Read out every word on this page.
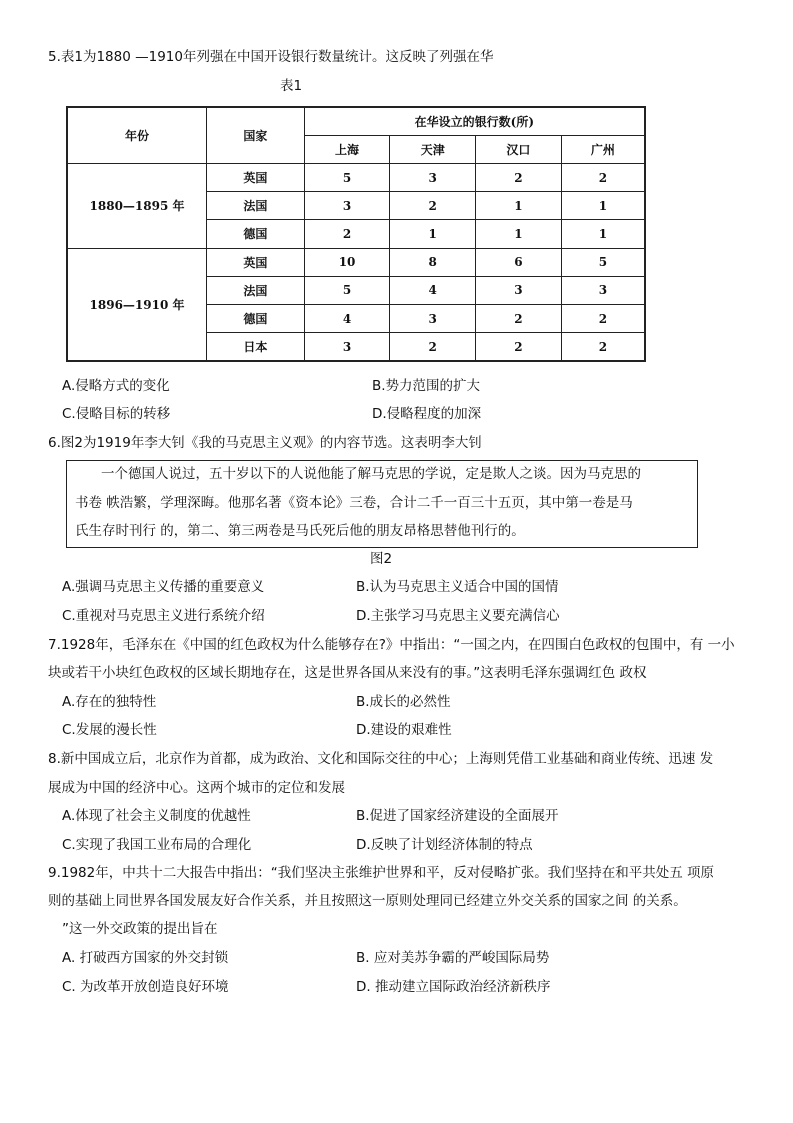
5.表1为1880 —1910年列强在中国开设银行数量统计。这反映了列强在华
表1
年份	国家	在华设立的银行数(所)			
		上海	天津	汉口	广州
1880—1895 年	英国	5	3	2	2
	法国	3	2	1	1
	德国	2	1	1	1
1896—1910 年	英国	10	8	6	5
	法国	5	4	3	3
	德国	4	3	2	2
	日本	3	2	2	2
A.侵略方式的变化	B.势力范围的扩大
C.侵略目标的转移	D.侵略程度的加深
6.图2为1919年李大钊《我的马克思主义观》的内容节选。这表明李大钊

一个德国人说过，五十岁以下的人说他能了解马克思的学说，定是欺人之谈。因为马克思的

书卷 帙浩繁，学理深晦。他那名著《资本论》三卷，合计二千一百三十五页，其中第一卷是马

氏生存时刊行 的，第二、第三两卷是马氏死后他的朋友昂格思替他刊行的。

图2
A.强调马克思主义传播的重要意义	B.认为马克思主义适合中国的国情
C.重视对马克思主义进行系统介绍	D.主张学习马克思主义要充满信心
7.1928年，毛泽东在《中国的红色政权为什么能够存在?》中指出：“一国之内，在四围白色政权的包围中，有 一小
块或若干小块红色政权的区域长期地存在，这是世界各国从来没有的事。”这表明毛泽东强调红色 政权
A.存在的独特性	B.成长的必然性
C.发展的漫长性	D.建设的艰难性
8.新中国成立后，北京作为首都，成为政治、文化和国际交往的中心；上海则凭借工业基础和商业传统、迅速 发
展成为中国的经济中心。这两个城市的定位和发展
A.体现了社会主义制度的优越性	B.促进了国家经济建设的全面展开
C.实现了我国工业布局的合理化	D.反映了计划经济体制的特点
9.1982年，中共十二大报告中指出：“我们坚决主张维护世界和平，反对侵略扩张。我们坚持在和平共处五 项原
则的基础上同世界各国发展友好合作关系，并且按照这一原则处理同已经建立外交关系的国家之间 的关系。
”这一外交政策的提出旨在
A. 打破西方国家的外交封锁	B. 应对美苏争霸的严峻国际局势
C. 为改革开放创造良好环境	D. 推动建立国际政治经济新秩序
